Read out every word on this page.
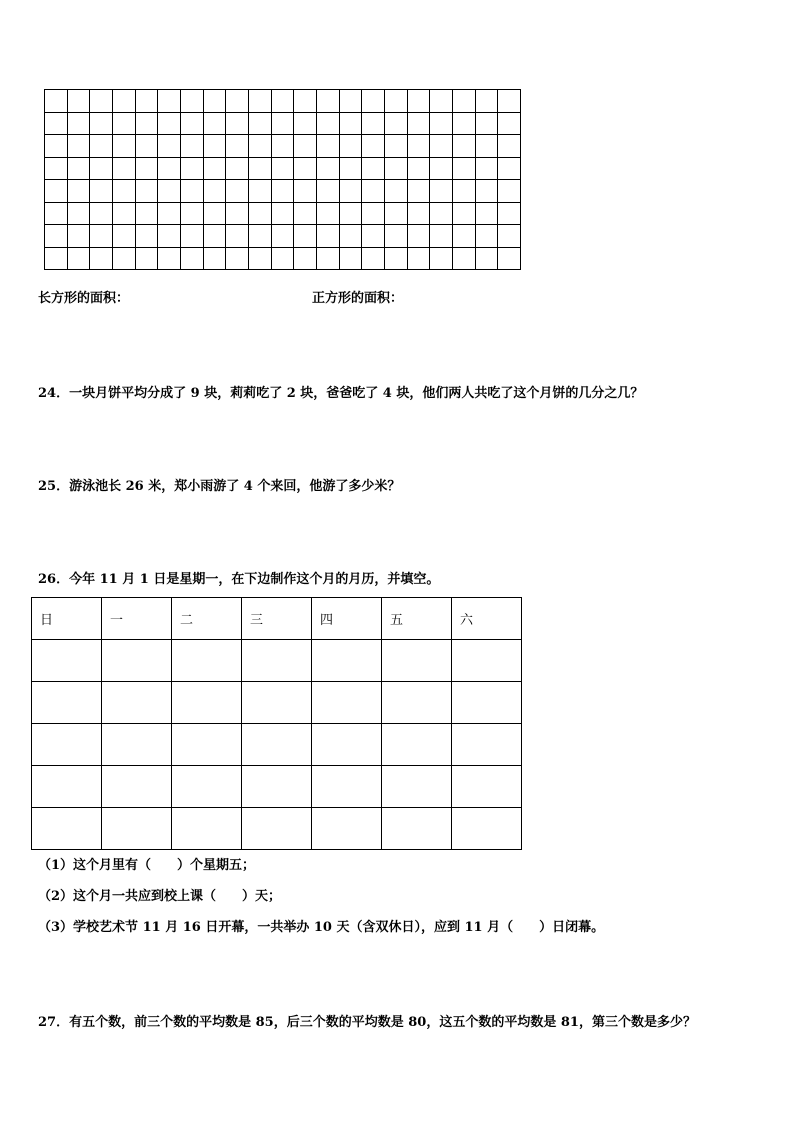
长方形的面积：	正方形的面积：
24．一块月饼平均分成了 9 块，莉莉吃了 2 块，爸爸吃了 4 块，他们两人共吃了这个月饼的几分之几？
25．游泳池长 26 米，郑小雨游了 4 个来回，他游了多少米？
26．今年 11 月 1 日是星期一，在下边制作这个月的月历，并填空。
日	一	二	三	四	五	六

（1）这个月里有（　　）个星期五；
（2）这个月一共应到校上课（　　）天；
（3）学校艺术节 11 月 16 日开幕，一共举办 10 天（含双休日），应到 11 月（　　）日闭幕。
27．有五个数，前三个数的平均数是 85，后三个数的平均数是 80，这五个数的平均数是 81，第三个数是多少？
